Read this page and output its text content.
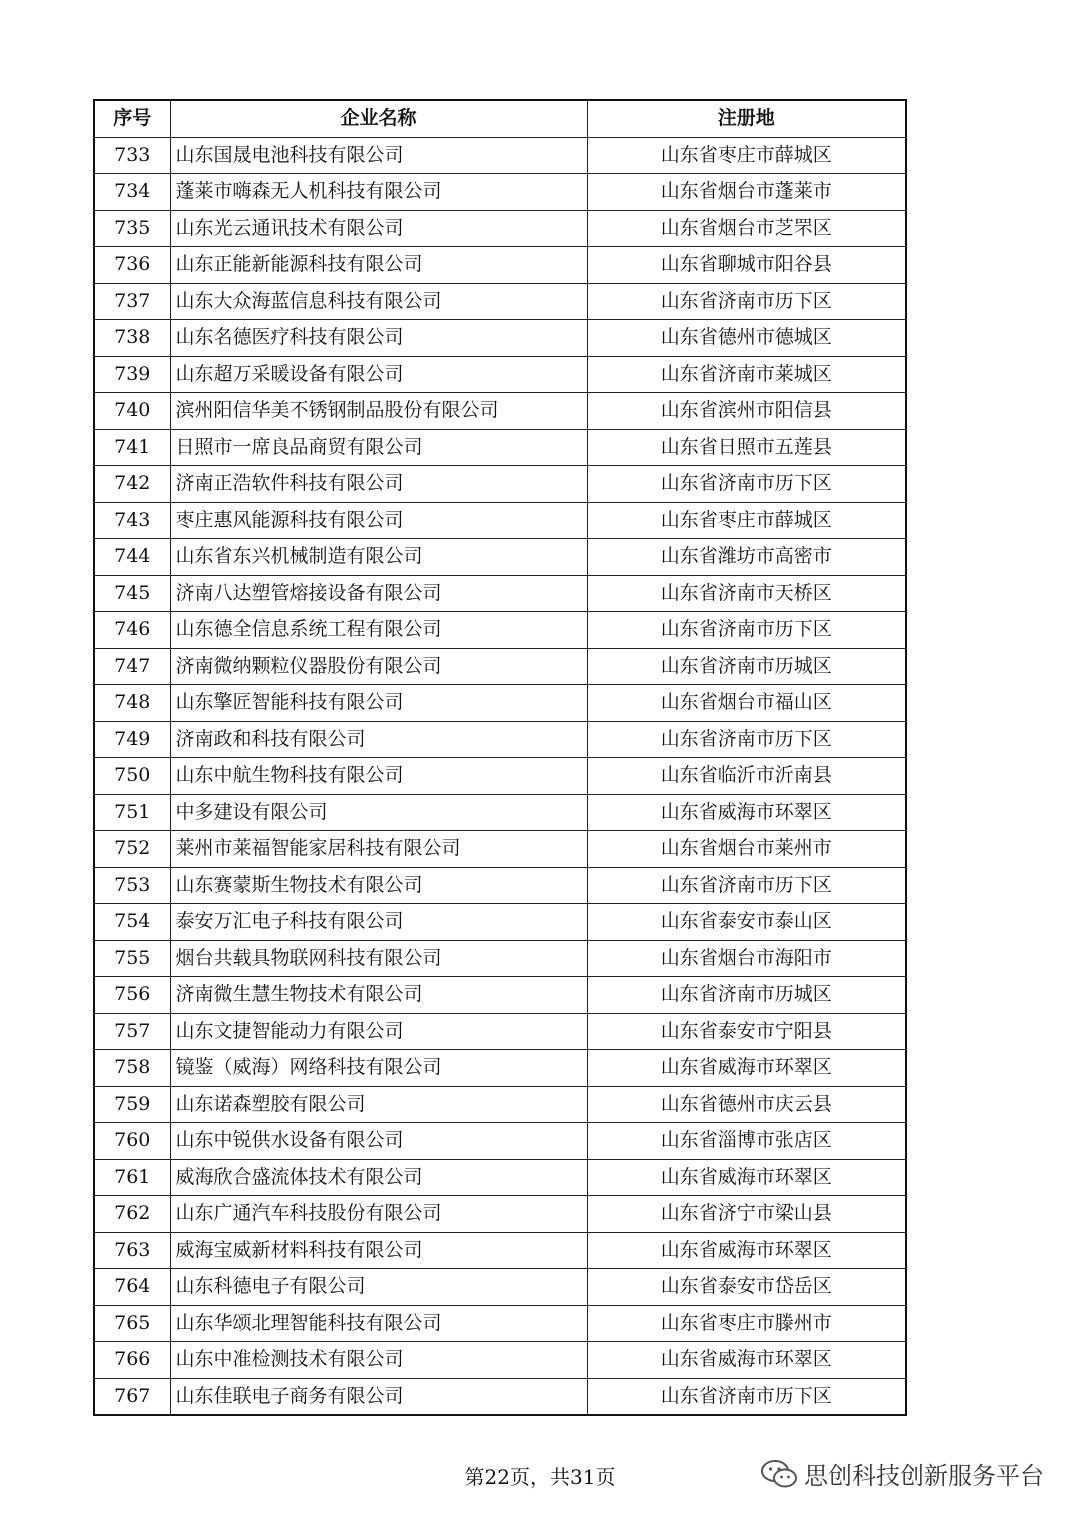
序号	企业名称	注册地
733	山东国晟电池科技有限公司	山东省枣庄市薛城区
734	蓬莱市嗨森无人机科技有限公司	山东省烟台市蓬莱市
735	山东光云通讯技术有限公司	山东省烟台市芝罘区
736	山东正能新能源科技有限公司	山东省聊城市阳谷县
737	山东大众海蓝信息科技有限公司	山东省济南市历下区
738	山东名德医疗科技有限公司	山东省德州市德城区
739	山东超万采暖设备有限公司	山东省济南市莱城区
740	滨州阳信华美不锈钢制品股份有限公司	山东省滨州市阳信县
741	日照市一席良品商贸有限公司	山东省日照市五莲县
742	济南正浩软件科技有限公司	山东省济南市历下区
743	枣庄惠风能源科技有限公司	山东省枣庄市薛城区
744	山东省东兴机械制造有限公司	山东省潍坊市高密市
745	济南八达塑管熔接设备有限公司	山东省济南市天桥区
746	山东德全信息系统工程有限公司	山东省济南市历下区
747	济南微纳颗粒仪器股份有限公司	山东省济南市历城区
748	山东擎匠智能科技有限公司	山东省烟台市福山区
749	济南政和科技有限公司	山东省济南市历下区
750	山东中航生物科技有限公司	山东省临沂市沂南县
751	中多建设有限公司	山东省威海市环翠区
752	莱州市莱福智能家居科技有限公司	山东省烟台市莱州市
753	山东赛蒙斯生物技术有限公司	山东省济南市历下区
754	泰安万汇电子科技有限公司	山东省泰安市泰山区
755	烟台共载具物联网科技有限公司	山东省烟台市海阳市
756	济南微生慧生物技术有限公司	山东省济南市历城区
757	山东文捷智能动力有限公司	山东省泰安市宁阳县
758	镜鉴（威海）网络科技有限公司	山东省威海市环翠区
759	山东诺森塑胶有限公司	山东省德州市庆云县
760	山东中锐供水设备有限公司	山东省淄博市张店区
761	威海欣合盛流体技术有限公司	山东省威海市环翠区
762	山东广通汽车科技股份有限公司	山东省济宁市梁山县
763	威海宝威新材料科技有限公司	山东省威海市环翠区
764	山东科德电子有限公司	山东省泰安市岱岳区
765	山东华颂北理智能科技有限公司	山东省枣庄市滕州市
766	山东中准检测技术有限公司	山东省威海市环翠区
767	山东佳联电子商务有限公司	山东省济南市历下区
第22页，共31页	思创科技创新服务平台
